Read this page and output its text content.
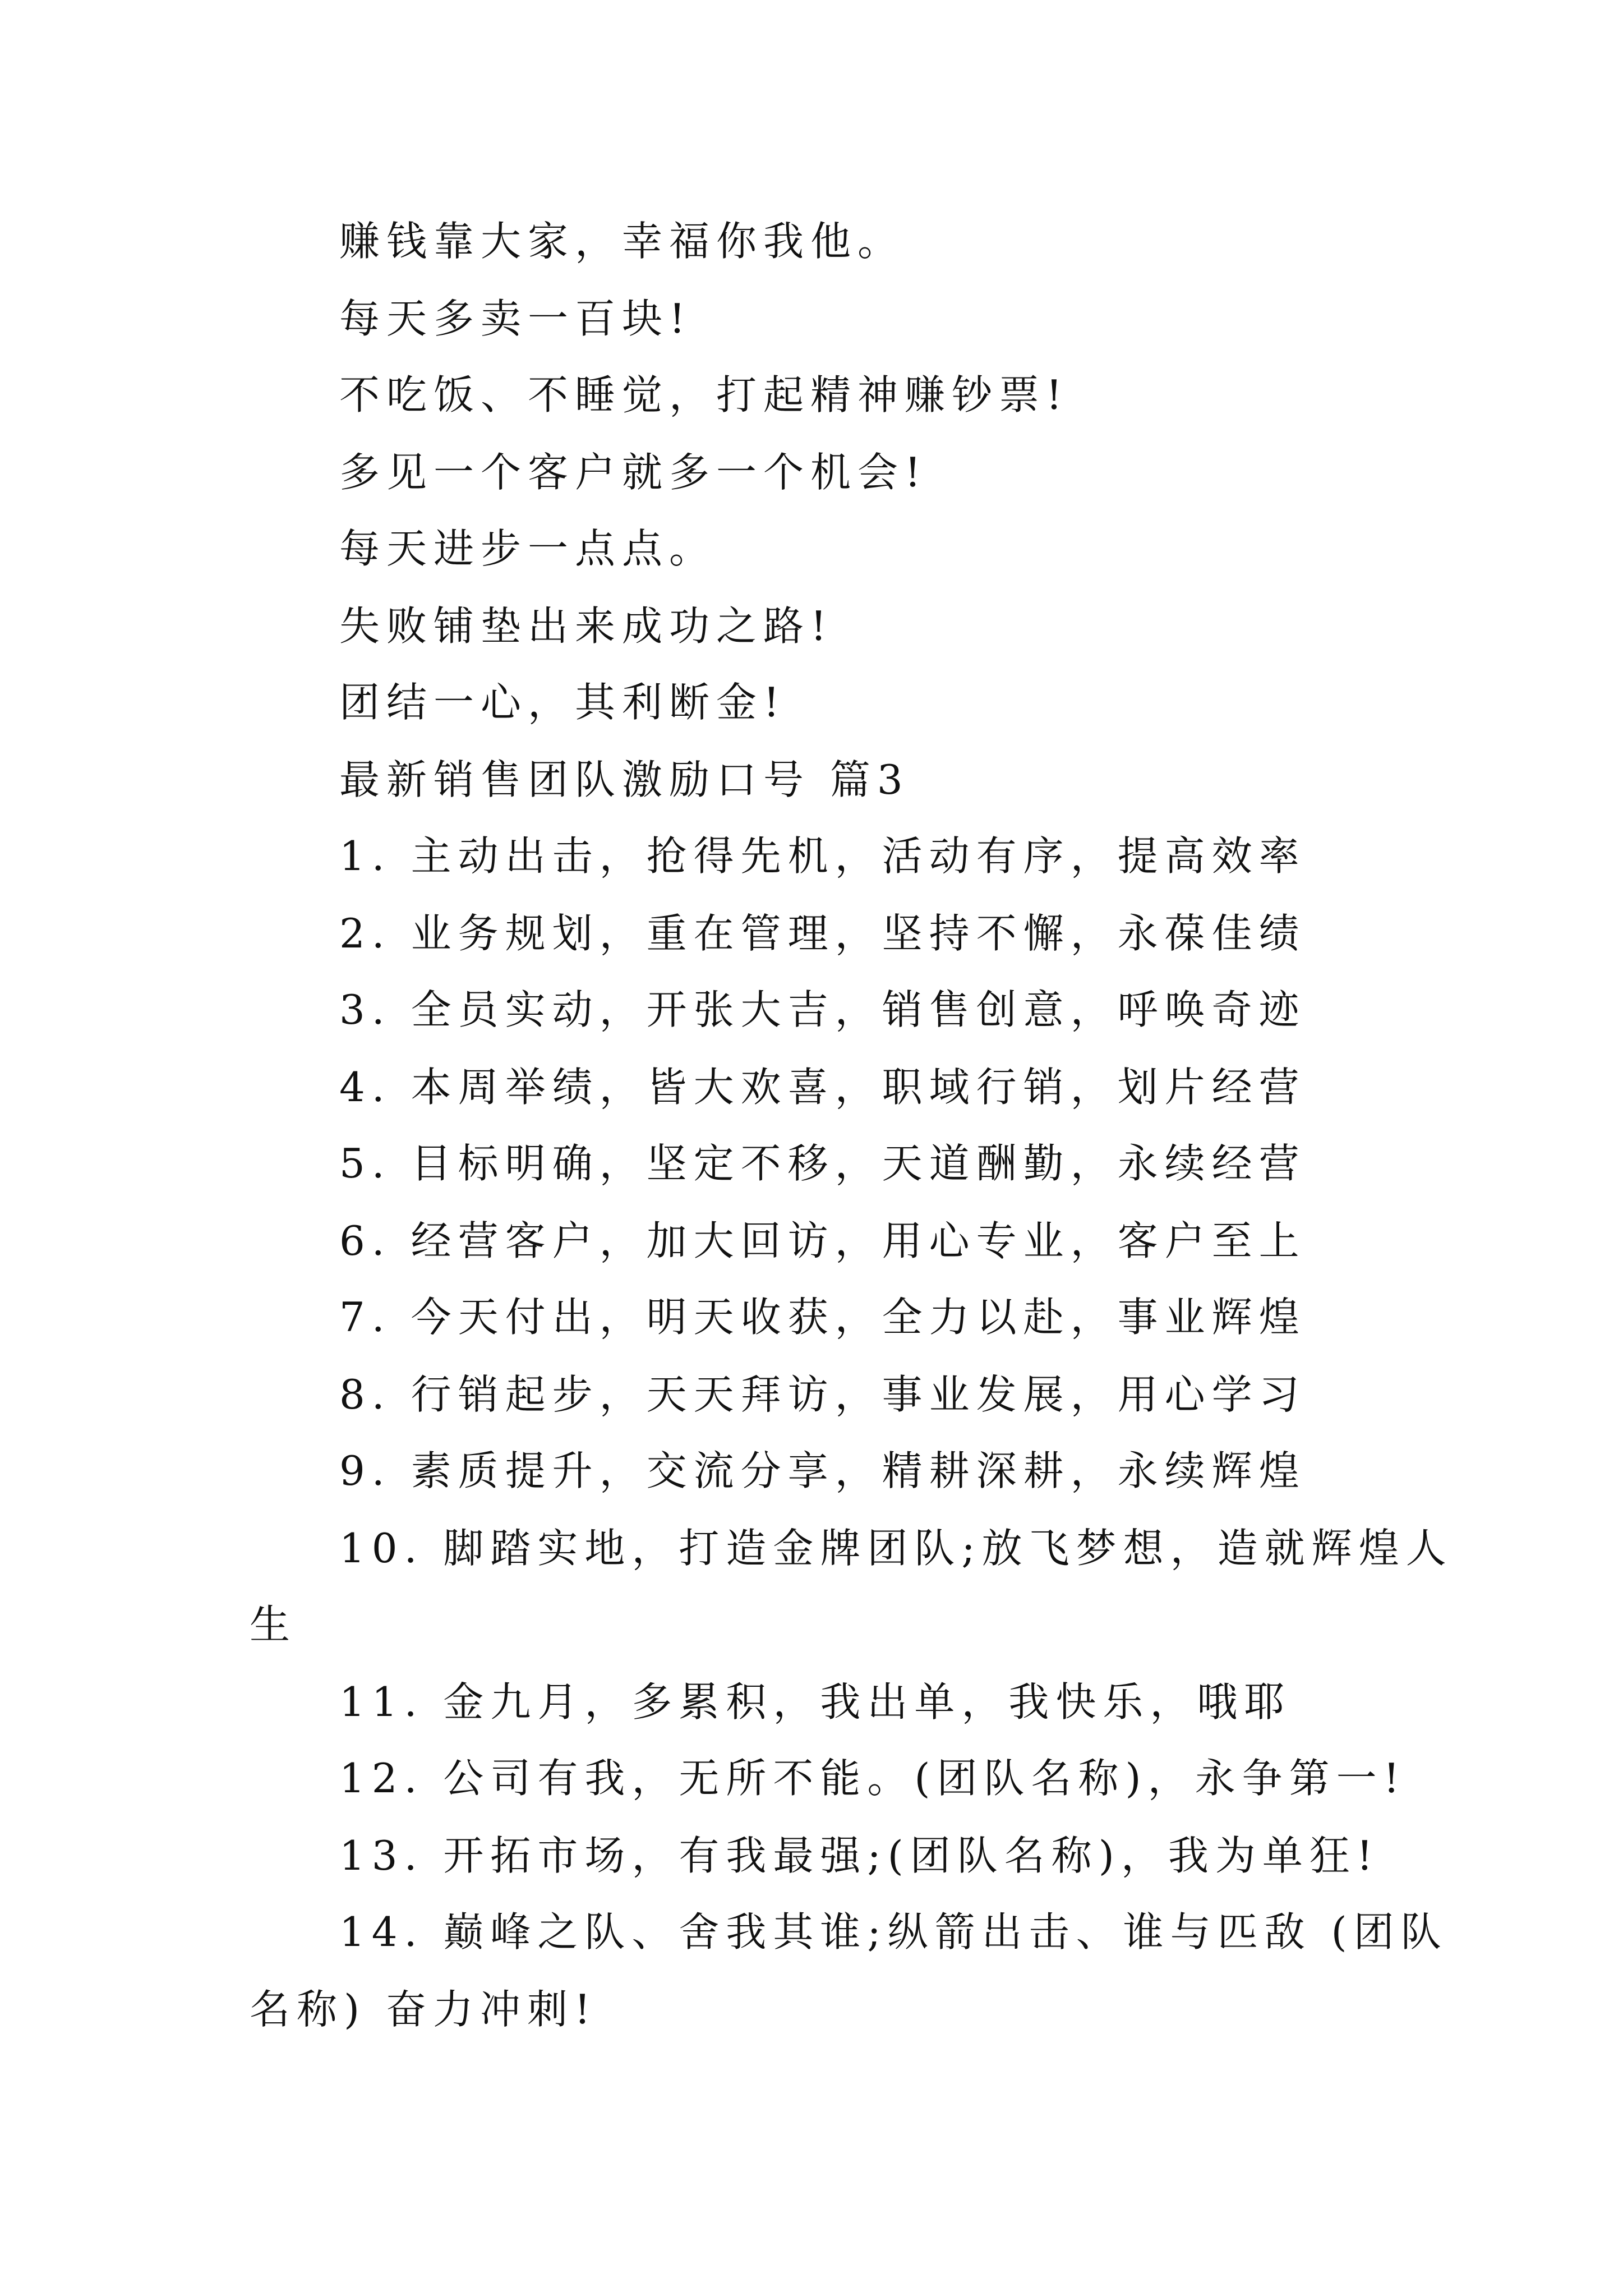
赚钱靠大家，幸福你我他。
每天多卖一百块!
不吃饭、不睡觉，打起精神赚钞票!
多见一个客户就多一个机会!
每天进步一点点。
失败铺垫出来成功之路!
团结一心，其利断金!
最新销售团队激励口号 篇3
1. 主动出击，抢得先机，活动有序，提高效率
2. 业务规划，重在管理，坚持不懈，永葆佳绩
3. 全员实动，开张大吉，销售创意，呼唤奇迹
4. 本周举绩，皆大欢喜，职域行销，划片经营
5. 目标明确，坚定不移，天道酬勤，永续经营
6. 经营客户，加大回访，用心专业，客户至上
7. 今天付出，明天收获，全力以赴，事业辉煌
8. 行销起步，天天拜访，事业发展，用心学习
9. 素质提升，交流分享，精耕深耕，永续辉煌
10. 脚踏实地，打造金牌团队;放飞梦想，造就辉煌人
生
11. 金九月，多累积，我出单，我快乐，哦耶
12. 公司有我，无所不能。(团队名称)，永争第一!
13. 开拓市场，有我最强;(团队名称)，我为单狂!
14. 巅峰之队、舍我其谁;纵箭出击、谁与匹敌 (团队
名称) 奋力冲刺!
